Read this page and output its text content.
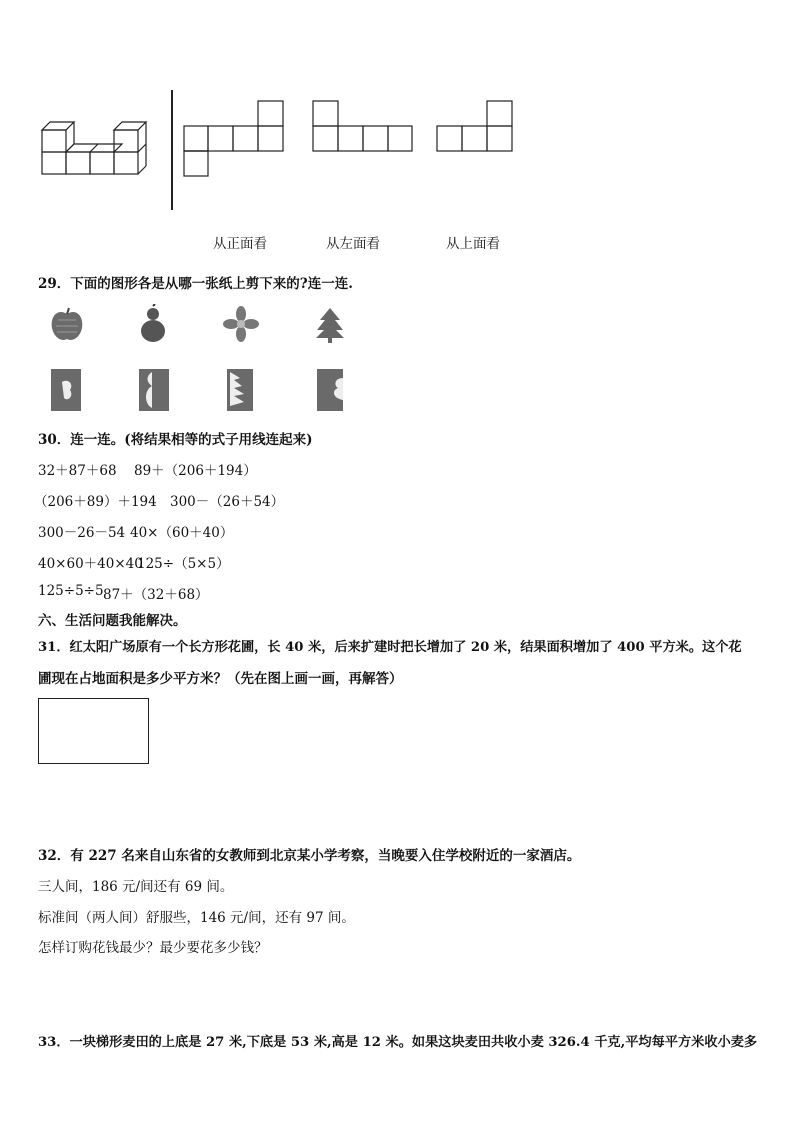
从正面看	从左面看	从上面看
29．下面的图形各是从哪一张纸上剪下来的?连一连.
30．连一连。(将结果相等的式子用线连起来)
32＋87＋68 89＋（206＋194）
（206＋89）＋194 300－（26＋54）
300－26－54 40×（60＋40）
40×60＋40×40
125÷（5×5）
125÷5÷5 87＋（32＋68）
六、生活问题我能解决。
31．红太阳广场原有一个长方形花圃，长 40 米，后来扩建时把长增加了 20 米，结果面积增加了 400 平方米。这个花
圃现在占地面积是多少平方米？（先在图上画一画，再解答）
32．有 227 名来自山东省的女教师到北京某小学考察，当晚要入住学校附近的一家酒店。
三人间，186 元/间还有 69 间。
标准间（两人间）舒服些，146 元/间，还有 97 间。
怎样订购花钱最少？最少要花多少钱？
33．一块梯形麦田的上底是 27 米,下底是 53 米,高是 12 米。如果这块麦田共收小麦 326.4 千克,平均每平方米收小麦多
